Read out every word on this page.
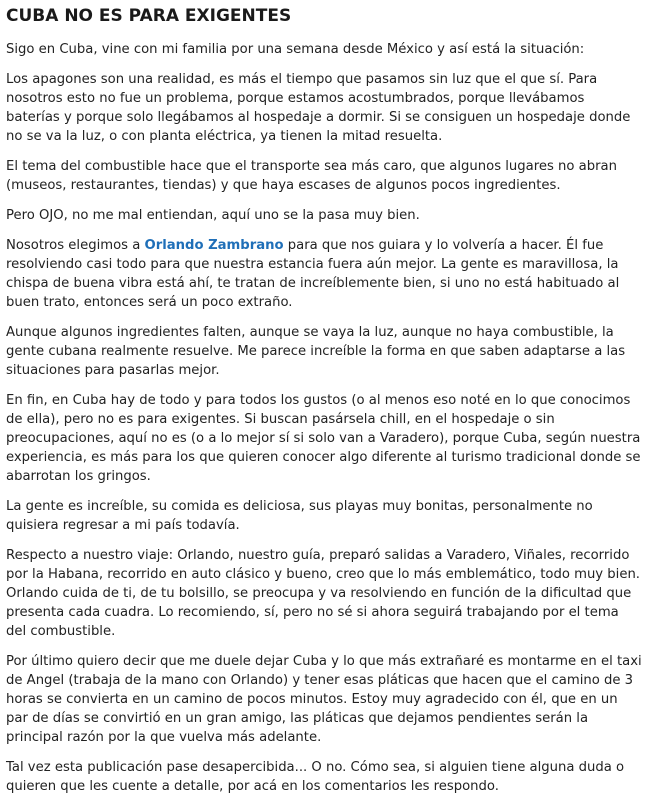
CUBA NO ES PARA EXIGENTES

Sigo en Cuba, vine con mi familia por una semana desde México y así está la situación:

Los apagones son una realidad, es más el tiempo que pasamos sin luz que el que sí. Para nosotros esto no fue un problema, porque estamos acostumbrados, porque llevábamos baterías y porque solo llegábamos al hospedaje a dormir. Si se consiguen un hospedaje donde no se va la luz, o con planta eléctrica, ya tienen la mitad resuelta.

El tema del combustible hace que el transporte sea más caro, que algunos lugares no abran (museos, restaurantes, tiendas) y que haya escases de algunos pocos ingredientes.

Pero OJO, no me mal entiendan, aquí uno se la pasa muy bien.

Nosotros elegimos a Orlando Zambrano para que nos guiara y lo volvería a hacer. Él fue resolviendo casi todo para que nuestra estancia fuera aún mejor. La gente es maravillosa, la chispa de buena vibra está ahí, te tratan de increíblemente bien, si uno no está habituado al buen trato, entonces será un poco extraño.

Aunque algunos ingredientes falten, aunque se vaya la luz, aunque no haya combustible, la gente cubana realmente resuelve. Me parece increíble la forma en que saben adaptarse a las situaciones para pasarlas mejor.

En fin, en Cuba hay de todo y para todos los gustos (o al menos eso noté en lo que conocimos de ella), pero no es para exigentes. Si buscan pasársela chill, en el hospedaje o sin preocupaciones, aquí no es (o a lo mejor sí si solo van a Varadero), porque Cuba, según nuestra experiencia, es más para los que quieren conocer algo diferente al turismo tradicional donde se abarrotan los gringos.

La gente es increíble, su comida es deliciosa, sus playas muy bonitas, personalmente no quisiera regresar a mi país todavía.

Respecto a nuestro viaje: Orlando, nuestro guía, preparó salidas a Varadero, Viñales, recorrido por la Habana, recorrido en auto clásico y bueno, creo que lo más emblemático, todo muy bien. Orlando cuida de ti, de tu bolsillo, se preocupa y va resolviendo en función de la dificultad que presenta cada cuadra. Lo recomiendo, sí, pero no sé si ahora seguirá trabajando por el tema del combustible.

Por último quiero decir que me duele dejar Cuba y lo que más extrañaré es montarme en el taxi de Angel (trabaja de la mano con Orlando) y tener esas pláticas que hacen que el camino de 3 horas se convierta en un camino de pocos minutos. Estoy muy agradecido con él, que en un par de días se convirtió en un gran amigo, las pláticas que dejamos pendientes serán la principal razón por la que vuelva más adelante.

Tal vez esta publicación pase desapercibida... O no. Cómo sea, si alguien tiene alguna duda o quieren que les cuente a detalle, por acá en los comentarios les respondo.
